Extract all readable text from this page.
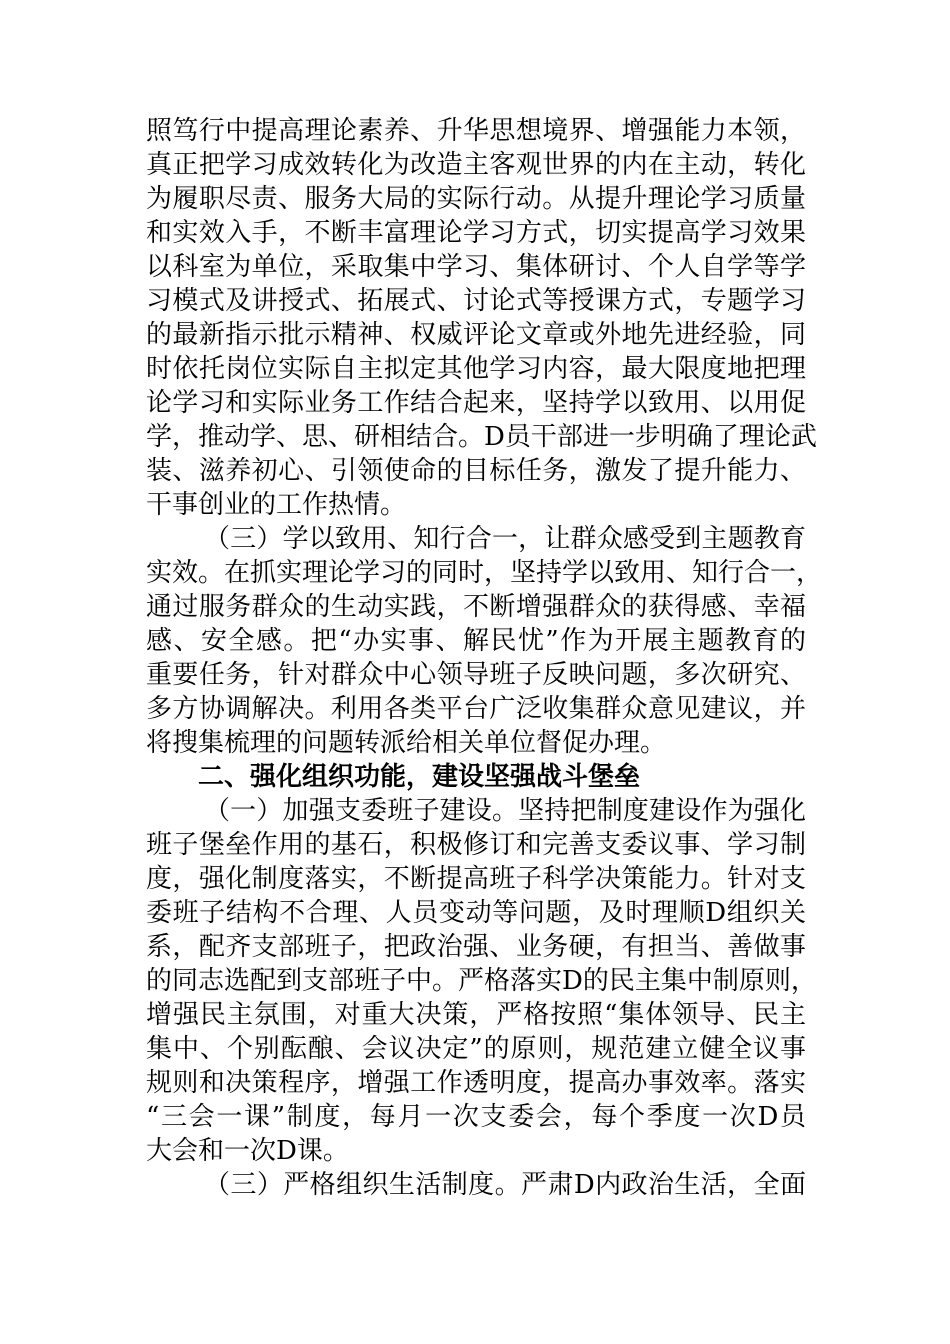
照笃行中提高理论素养、升华思想境界、增强能力本领，
真正把学习成效转化为改造主客观世界的内在主动，转化
为履职尽责、服务大局的实际行动。从提升理论学习质量
和实效入手，不断丰富理论学习方式，切实提高学习效果
以科室为单位，采取集中学习、集体研讨、个人自学等学
习模式及讲授式、拓展式、讨论式等授课方式，专题学习
的最新指示批示精神、权威评论文章或外地先进经验，同
时依托岗位实际自主拟定其他学习内容，最大限度地把理
论学习和实际业务工作结合起来，坚持学以致用、以用促
学，推动学、思、研相结合。D员干部进一步明确了理论武
装、滋养初心、引领使命的目标任务，激发了提升能力、
干事创业的工作热情。
（三）学以致用、知行合一，让群众感受到主题教育
实效。在抓实理论学习的同时，坚持学以致用、知行合一，
通过服务群众的生动实践，不断增强群众的获得感、幸福
感、安全感。把“办实事、解民忧”作为开展主题教育的
重要任务，针对群众中心领导班子反映问题，多次研究、
多方协调解决。利用各类平台广泛收集群众意见建议，并
将搜集梳理的问题转派给相关单位督促办理。
二、强化组织功能，建设坚强战斗堡垒
（一）加强支委班子建设。坚持把制度建设作为强化
班子堡垒作用的基石，积极修订和完善支委议事、学习制
度，强化制度落实，不断提高班子科学决策能力。针对支
委班子结构不合理、人员变动等问题，及时理顺D组织关
系，配齐支部班子，把政治强、业务硬，有担当、善做事
的同志选配到支部班子中。严格落实D的民主集中制原则，
增强民主氛围，对重大决策，严格按照“集体领导、民主
集中、个别酝酿、会议决定”的原则，规范建立健全议事
规则和决策程序，增强工作透明度，提高办事效率。落实
“三会一课”制度，每月一次支委会，每个季度一次D员
大会和一次D课。
（三）严格组织生活制度。严肃D内政治生活，全面
